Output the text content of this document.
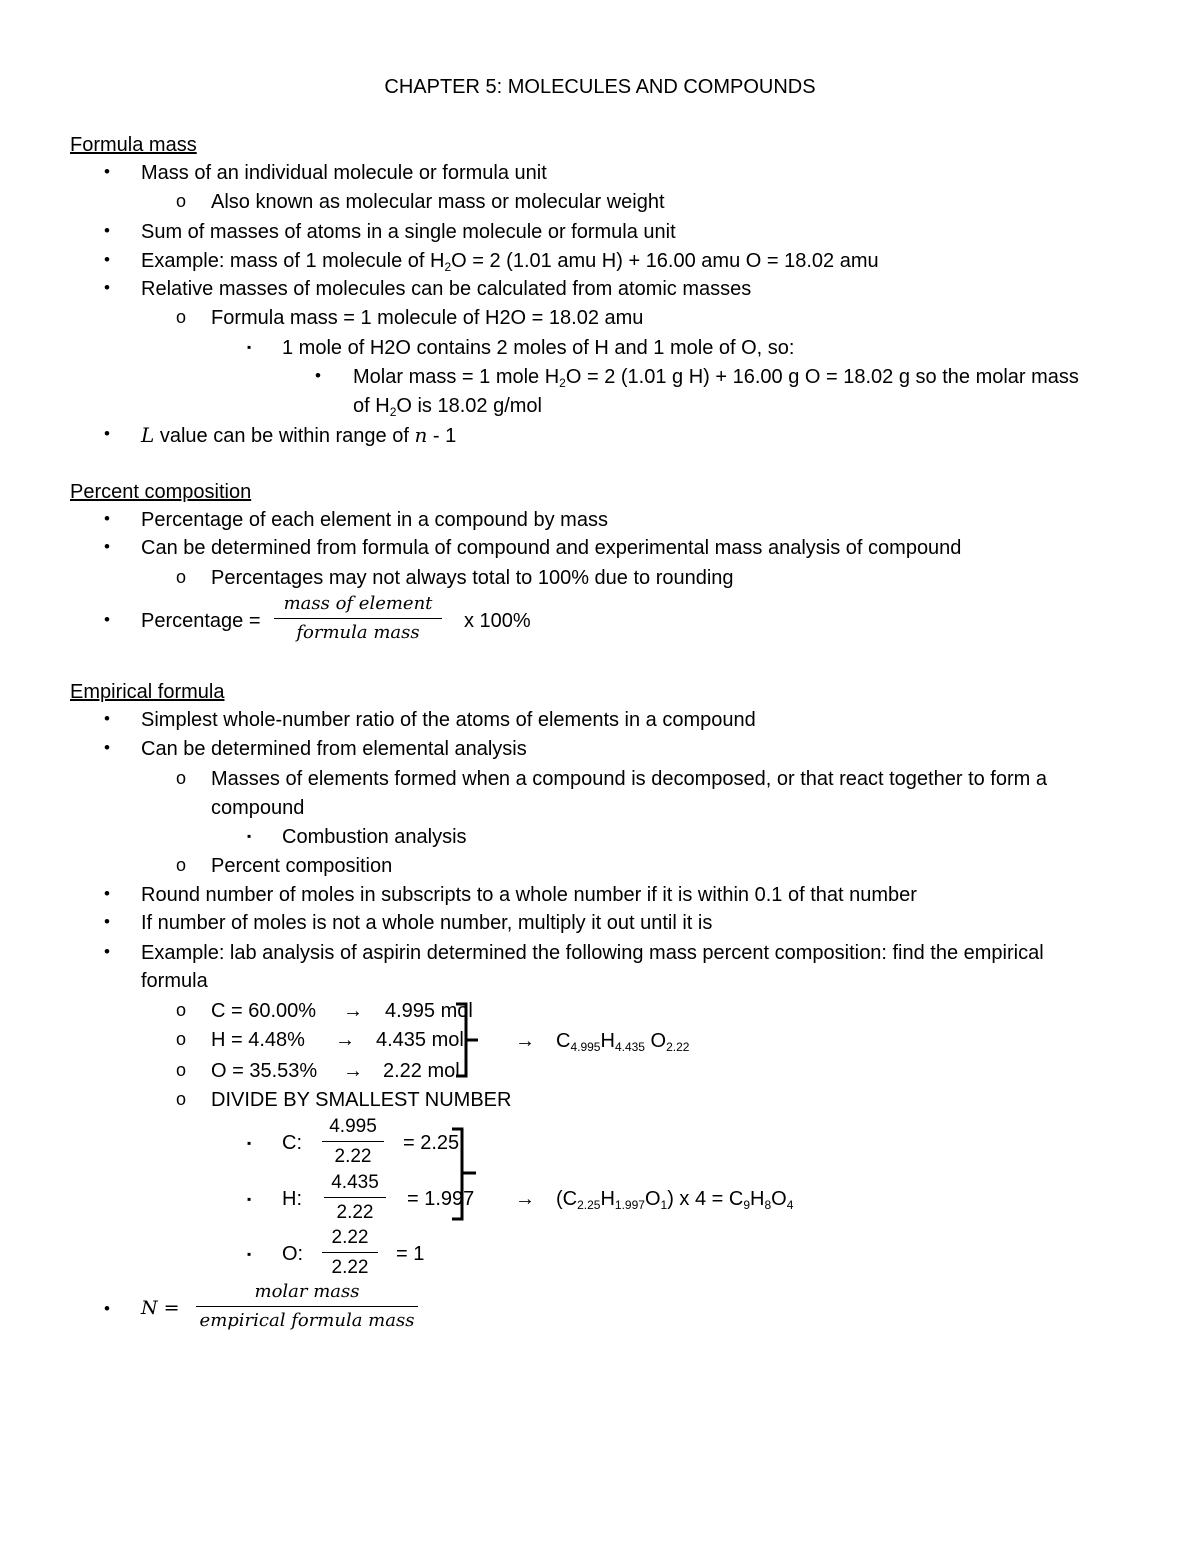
CHAPTER 5: MOLECULES AND COMPOUNDS
Formula mass
• Mass of an individual molecule or formula unit
o Also known as molecular mass or molecular weight
• Sum of masses of atoms in a single molecule or formula unit
• Example: mass of 1 molecule of $H_2O = 2$ (1.01 amu H) + 16.00 amu O = 18.02 amu
• Relative masses of molecules can be calculated from atomic masses
o Formula mass = 1 molecule of H2O = 18.02 amu
▪ 1 mole of H2O contains 2 moles of H and 1 mole of O, so:
• Molar mass = 1 mole $H_2O = 2$ (1.01 g H) + 16.00 g O = 18.02 g so the molar mass
of $H_2O$ is 18.02 g/mol
• L value can be within range of n - 1
Percent composition
• Percentage of each element in a compound by mass
• Can be determined from formula of compound and experimental mass analysis of compound
o Percentages may not always total to 100% due to rounding
• Percentage =
mass of element
formula mass
x 100%
Empirical formula
• Simplest whole-number ratio of the atoms of elements in a compound
• Can be determined from elemental analysis
o Masses of elements formed when a compound is decomposed, or that react together to form a
compound
▪ Combustion analysis
o Percent composition
• Round number of moles in subscripts to a whole number if it is within 0.1 of that number
• If number of moles is not a whole number, multiply it out until it is
• Example: lab analysis of aspirin determined the following mass percent composition: find the empirical
formula
o C = 60.00% → 4.995 mol
o H = 4.48% → 4.435 mol
o O = 35.53% → 2.22 mol
→ $C_{4.995}H_{4.435}$ $O_{2.22}$
o DIVIDE BY SMALLEST NUMBER
▪ C:
4.995
2.22
= 2.25
▪ H:
4.435
2.22
= 1.997
▪ O:
2.22
2.22
= 1
→ $(C_{2.25}H_{1.997}O_1)$ x $4 = C_9H_8O_4$
• N =
molar mass
empirical formula mass
